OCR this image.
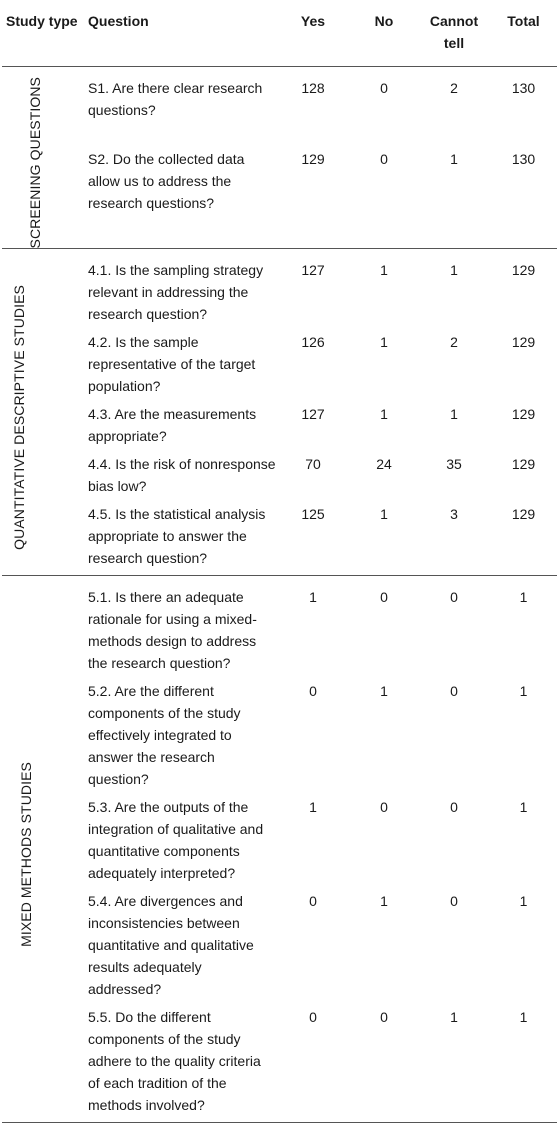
Study type	Question	Yes	No	Cannot tell	Total

SCREENING QUESTIONS	S1. Are there clear research questions?	128	0	2	130
	S2. Do the collected data allow us to address the research questions?	129	0	1	130

QUANTITATIVE DESCRIPTIVE STUDIES	4.1. Is the sampling strategy relevant in addressing the research question?	127	1	1	129
	4.2. Is the sample representative of the target population?	126	1	2	129
	4.3. Are the measurements appropriate?	127	1	1	129
	4.4. Is the risk of nonresponse bias low?	70	24	35	129
	4.5. Is the statistical analysis appropriate to answer the research question?	125	1	3	129

MIXED METHODS STUDIES	5.1. Is there an adequate rationale for using a mixed-methods design to address the research question?	1	0	0	1
	5.2. Are the different components of the study effectively integrated to answer the research question?	0	1	0	1
	5.3. Are the outputs of the integration of qualitative and quantitative components adequately interpreted?	1	0	0	1
	5.4. Are divergences and inconsistencies between quantitative and qualitative results adequately addressed?	0	1	0	1
	5.5. Do the different components of the study adhere to the quality criteria of each tradition of the methods involved?	0	0	1	1
